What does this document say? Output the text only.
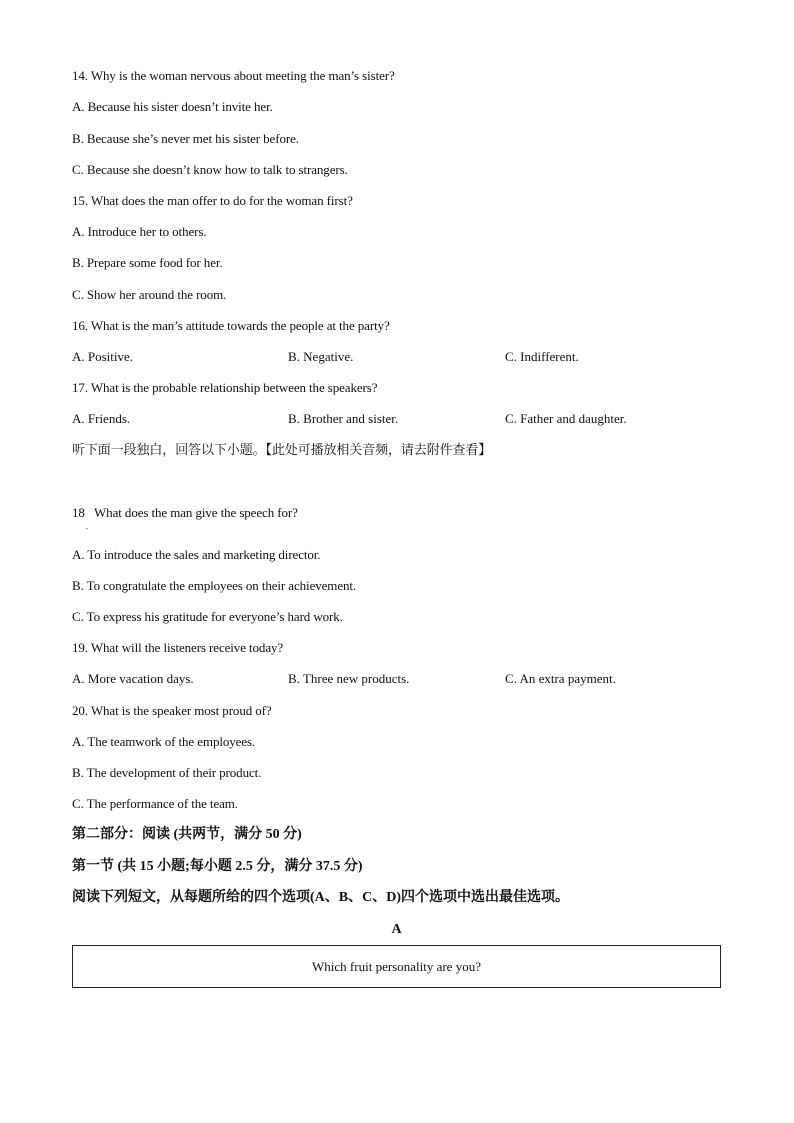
14. Why is the woman nervous about meeting the man’s sister?
A. Because his sister doesn’t invite her.
B. Because she’s never met his sister before.
C. Because she doesn’t know how to talk to strangers.
15. What does the man offer to do for the woman first?
A. Introduce her to others.
B. Prepare some food for her.
C. Show her around the room.
16. What is the man’s attitude towards the people at the party?
A. Positive.	B. Negative.	C. Indifferent.
17. What is the probable relationship between the speakers?
A. Friends.	B. Brother and sister.	C. Father and daughter.
听下面一段独白，回答以下小题。【此处可播放相关音频，请去附件查看】
18   What does the man give the speech for?
.
A. To introduce the sales and marketing director.
B. To congratulate the employees on their achievement.
C. To express his gratitude for everyone’s hard work.
19. What will the listeners receive today?
A. More vacation days.	B. Three new products.	C. An extra payment.
20. What is the speaker most proud of?
A. The teamwork of the employees.
B. The development of their product.
C. The performance of the team.
第二部分：阅读 (共两节，满分 50 分)
第一节 (共 15 小题;每小题 2.5 分，满分 37.5 分)
阅读下列短文，从每题所给的四个选项(A、B、C、D)四个选项中选出最佳选项。
A
Which fruit personality are you?
